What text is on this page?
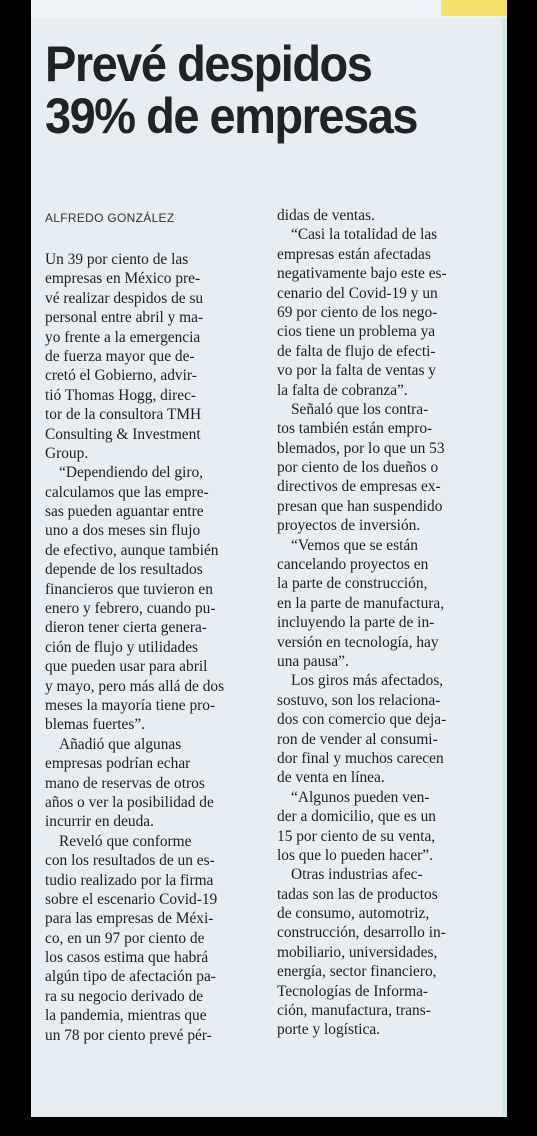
Prevé despidos
39% de empresas
ALFREDO GONZÁLEZ
Un 39 por ciento de las
empresas en México pre-
vé realizar despidos de su
personal entre abril y ma-
yo frente a la emergencia
de fuerza mayor que de-
cretó el Gobierno, advir-
tió Thomas Hogg, direc-
tor de la consultora TMH
Consulting & Investment
Group.
“Dependiendo del giro,
calculamos que las empre-
sas pueden aguantar entre
uno a dos meses sin flujo
de efectivo, aunque también
depende de los resultados
financieros que tuvieron en
enero y febrero, cuando pu-
dieron tener cierta genera-
ción de flujo y utilidades
que pueden usar para abril
y mayo, pero más allá de dos
meses la mayoría tiene pro-
blemas fuertes”.
Añadió que algunas
empresas podrían echar
mano de reservas de otros
años o ver la posibilidad de
incurrir en deuda.
Reveló que conforme
con los resultados de un es-
tudio realizado por la firma
sobre el escenario Covid-19
para las empresas de Méxi-
co, en un 97 por ciento de
los casos estima que habrá
algún tipo de afectación pa-
ra su negocio derivado de
la pandemia, mientras que
un 78 por ciento prevé pér-
didas de ventas.
“Casi la totalidad de las
empresas están afectadas
negativamente bajo este es-
cenario del Covid-19 y un
69 por ciento de los nego-
cios tiene un problema ya
de falta de flujo de efecti-
vo por la falta de ventas y
la falta de cobranza”.
Señaló que los contra-
tos también están empro-
blemados, por lo que un 53
por ciento de los dueños o
directivos de empresas ex-
presan que han suspendido
proyectos de inversión.
“Vemos que se están
cancelando proyectos en
la parte de construcción,
en la parte de manufactura,
incluyendo la parte de in-
versión en tecnología, hay
una pausa”.
Los giros más afectados,
sostuvo, son los relaciona-
dos con comercio que deja-
ron de vender al consumi-
dor final y muchos carecen
de venta en línea.
“Algunos pueden ven-
der a domicilio, que es un
15 por ciento de su venta,
los que lo pueden hacer”.
Otras industrias afec-
tadas son las de productos
de consumo, automotriz,
construcción, desarrollo in-
mobiliario, universidades,
energía, sector financiero,
Tecnologías de Informa-
ción, manufactura, trans-
porte y logística.
